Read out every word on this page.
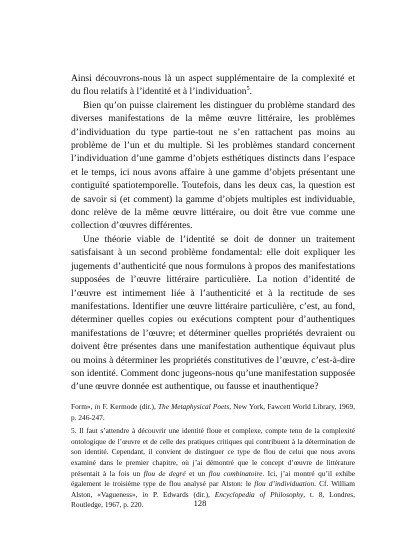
Ainsi découvrons-nous là un aspect supplémentaire de la complexité et du flou relatifs à l’identité et à l’individuation$^5$.

Bien qu’on puisse clairement les distinguer du problème standard des diverses manifestations de la même œuvre littéraire, les problèmes d’individuation du type partie-tout ne s’en rattachent pas moins au problème de l’un et du multiple. Si les problèmes standard concernent l’individuation d’une gamme d’objets esthétiques distincts dans l’espace et le temps, ici nous avons affaire à une gamme d’objets présentant une contiguïté spatiotemporelle. Toutefois, dans les deux cas, la question est de savoir si (et comment) la gamme d’objets multiples est individuable, donc relève de la même œuvre littéraire, ou doit être vue comme une collection d’œuvres différentes.

Une théorie viable de l’identité se doit de donner un traitement satisfaisant à un second problème fondamental: elle doit expliquer les jugements d’authenticité que nous formulons à propos des manifestations supposées de l’œuvre littéraire particulière. La notion d’identité de l’œuvre est intimement liée à l’authenticité et à la rectitude de ses manifestations. Identifier une œuvre littéraire particulière, c’est, au fond, déterminer quelles copies ou exécutions comptent pour d’authentiques manifestations de l’œuvre; et déterminer quelles propriétés devraient ou doivent être présentes dans une manifestation authentique équivaut plus ou moins à déterminer les propriétés constitutives de l’œuvre, c’est-à-dire son identité. Comment donc jugeons-nous qu’une manifestation supposée d’une œuvre donnée est authentique, ou fausse et inauthentique?

Form», in F. Kermode (dir.), The Metaphysical Poets, New York, Fawcett World Library, 1969, p. 246-247.

5. Il faut s’attendre à découvrir une identité floue et complexe, compte tenu de la complexité ontologique de l’œuvre et de celle des pratiques critiques qui contribuent à la détermination de son identité. Cependant, il convient de distinguer ce type de flou de celui que nous avons examiné dans le premier chapitre, où j’ai démontré que le concept d’œuvre de littérature présentait à la fois un flou de degré et un flou combinatoire. Ici, j’ai montré qu’il exhibe également le troisième type de flou analysé par Alston: le flou d’individuation. Cf. William Alston, «Vagueness», in P. Edwards (dir.), Encyclopedia of Philosophy, t. 8, Londres, Routledge, 1967, p. 220.	128
